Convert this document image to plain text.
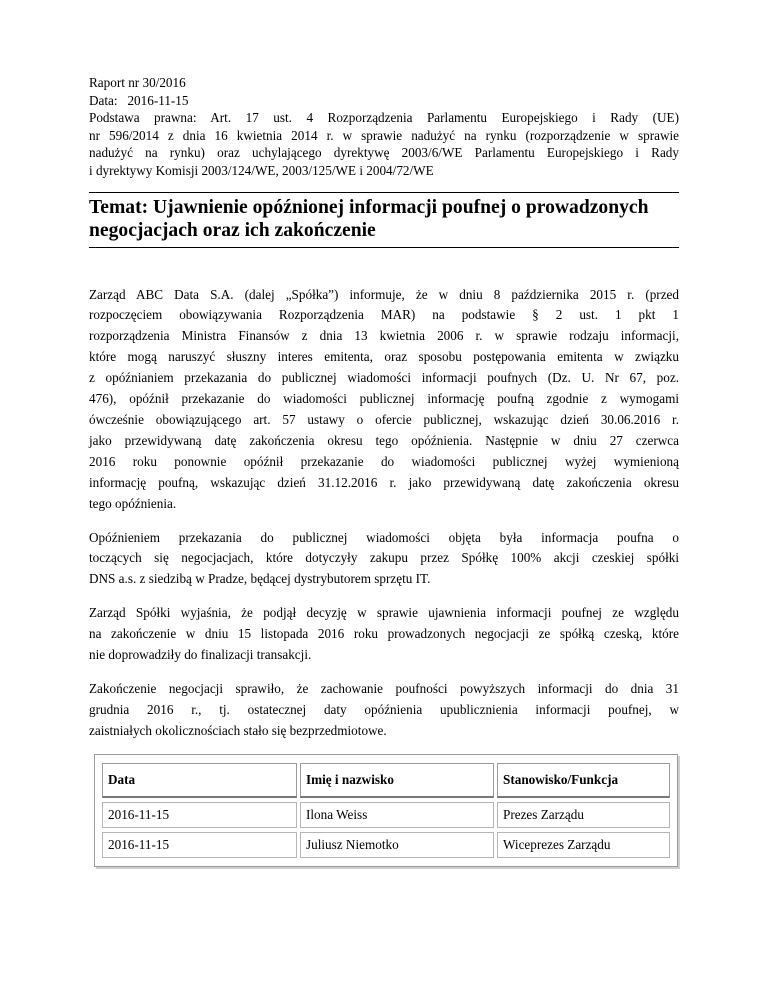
Raport nr 30/2016
Data:   2016-11-15
Podstawa prawna: Art. 17 ust. 4 Rozporządzenia Parlamentu Europejskiego i Rady (UE)
nr 596/2014 z dnia 16 kwietnia 2014 r. w sprawie nadużyć na rynku (rozporządzenie w sprawie
nadużyć na rynku) oraz uchylającego dyrektywę 2003/6/WE Parlamentu Europejskiego i Rady
i dyrektywy Komisji 2003/124/WE, 2003/125/WE i 2004/72/WE
Temat: Ujawnienie opóźnionej informacji poufnej o prowadzonych
negocjacjach oraz ich zakończenie

Zarząd ABC Data S.A. (dalej „Spółka”) informuje, że w dniu 8 października 2015 r. (przed
rozpoczęciem obowiązywania Rozporządzenia MAR) na podstawie § 2 ust. 1 pkt 1
rozporządzenia Ministra Finansów z dnia 13 kwietnia 2006 r. w sprawie rodzaju informacji,
które mogą naruszyć słuszny interes emitenta, oraz sposobu postępowania emitenta w związku
z opóźnianiem przekazania do publicznej wiadomości informacji poufnych (Dz. U. Nr 67, poz.
476), opóźnił przekazanie do wiadomości publicznej informację poufną zgodnie z wymogami
ówcześnie obowiązującego art. 57 ustawy o ofercie publicznej, wskazując dzień 30.06.2016 r.
jako przewidywaną datę zakończenia okresu tego opóźnienia. Następnie w dniu 27 czerwca
2016 roku ponownie opóźnił przekazanie do wiadomości publicznej wyżej wymienioną
informację poufną, wskazując dzień 31.12.2016 r. jako przewidywaną datę zakończenia okresu
tego opóźnienia.

Opóźnieniem przekazania do publicznej wiadomości objęta była informacja poufna o
toczących się negocjacjach, które dotyczyły zakupu przez Spółkę 100% akcji czeskiej spółki
DNS a.s. z siedzibą w Pradze, będącej dystrybutorem sprzętu IT.

Zarząd Spółki wyjaśnia, że podjął decyzję w sprawie ujawnienia informacji poufnej ze względu
na zakończenie w dniu 15 listopada 2016 roku prowadzonych negocjacji ze spółką czeską, które
nie doprowadziły do finalizacji transakcji.

Zakończenie negocjacji sprawiło, że zachowanie poufności powyższych informacji do dnia 31
grudnia 2016 r., tj. ostatecznej daty opóźnienia upublicznienia informacji poufnej, w
zaistniałych okolicznościach stało się bezprzedmiotowe.

Data	Imię i nazwisko	Stanowisko/Funkcja
2016-11-15	Ilona Weiss	Prezes Zarządu
2016-11-15	Juliusz Niemotko	Wiceprezes Zarządu
